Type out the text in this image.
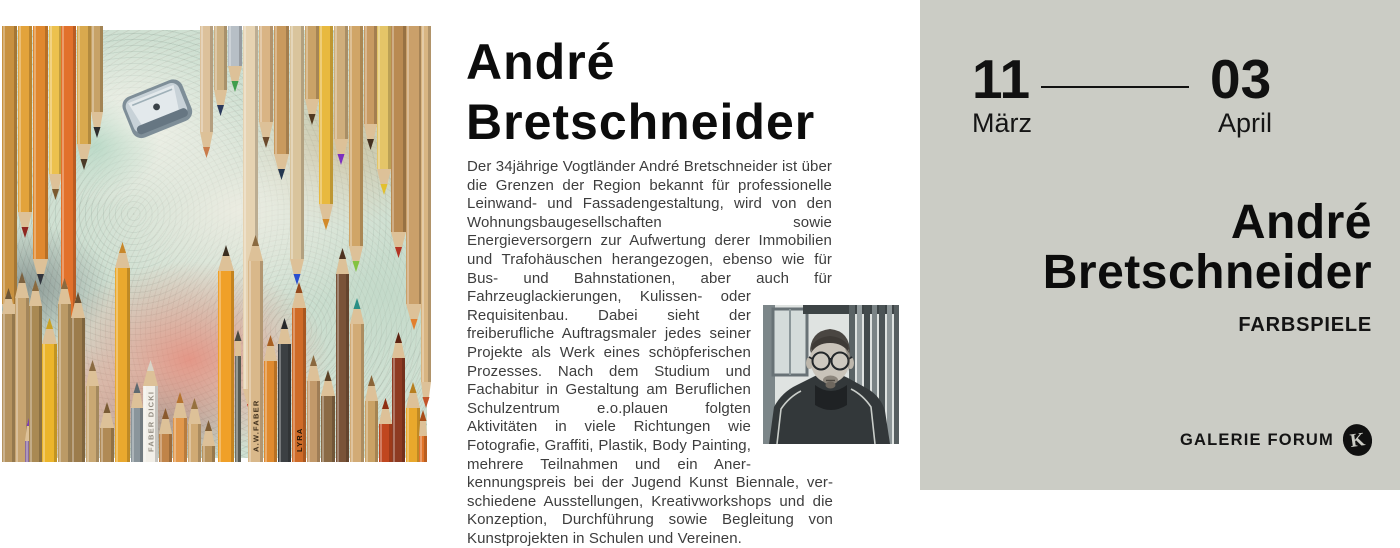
FABER DICKI	A.W.FABER	LYRA
André
Bretschneider
Der 34jährige Vogtländer André Bretschneider ist über die Grenzen der Region bekannt für professionelle Leinwand- und Fassadengestaltung, wird von den Wohnungsbaugesellschaften sowie Energieversorgern zur Aufwertung derer Immobilien und Trafohäuschen herangezogen, ebenso wie für Bus- und Bahnstationen, aber auch für Fahrzeuglackierungen, Kulissen- oder Requisitenbau. Dabei sieht der freiberufliche Auftragsmaler jedes seiner Projekte als Werk eines schöpferischen Prozesses. Nach dem Studium und Fachabitur in Gestaltung am Beruflichen Schulzentrum e.o.plauen folgten Aktivitäten in viele Richtungen wie Fotografie, Graffiti, Plastik, Body Painting, mehrere Teilnahmen und ein Anerkennungspreis bei der Jugend Kunst Biennale, verschiedene Ausstellungen, Kreativworkshops und die Konzeption, Durchführung sowie Begleitung von Kunstprojekten in Schulen und Vereinen.
11
März
03
April
André
Bretschneider
FARBSPIELE
GALERIE FORUM K
